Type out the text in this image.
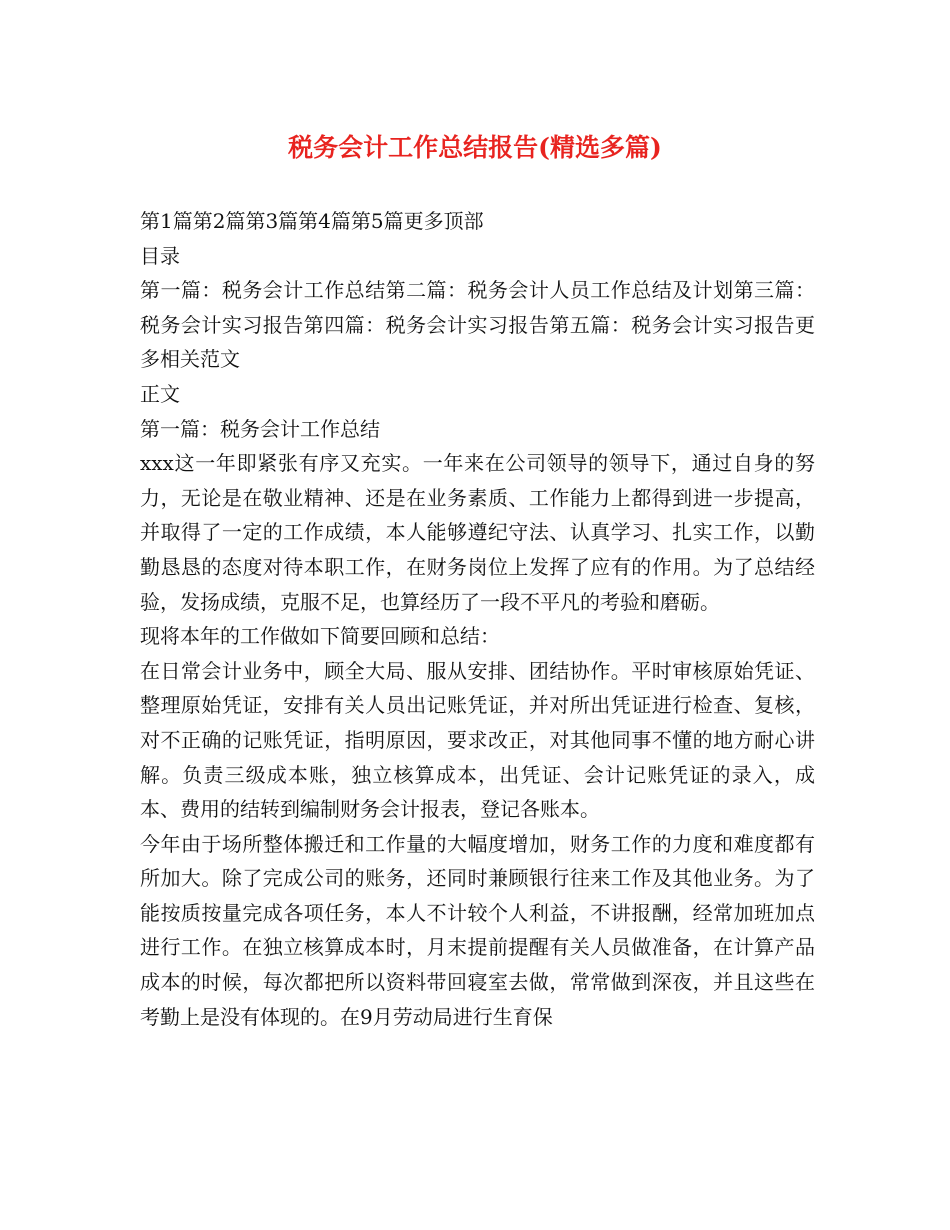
税务会计工作总结报告(精选多篇)

第1篇第2篇第3篇第4篇第5篇更多顶部

目录

第一篇：税务会计工作总结第二篇：税务会计人员工作总结及计划第三篇：税务会计实习报告第四篇：税务会计实习报告第五篇：税务会计实习报告更多相关范文

正文

第一篇：税务会计工作总结

xxx这一年即紧张有序又充实。一年来在公司领导的领导下，通过自身的努力，无论是在敬业精神、还是在业务素质、工作能力上都得到进一步提高，并取得了一定的工作成绩，本人能够遵纪守法、认真学习、扎实工作，以勤勤恳恳的态度对待本职工作，在财务岗位上发挥了应有的作用。为了总结经验，发扬成绩，克服不足，也算经历了一段不平凡的考验和磨砺。

现将本年的工作做如下简要回顾和总结：

在日常会计业务中，顾全大局、服从安排、团结协作。平时审核原始凭证、整理原始凭证，安排有关人员出记账凭证，并对所出凭证进行检查、复核，对不正确的记账凭证，指明原因，要求改正，对其他同事不懂的地方耐心讲解。负责三级成本账，独立核算成本，出凭证、会计记账凭证的录入，成本、费用的结转到编制财务会计报表，登记各账本。

今年由于场所整体搬迁和工作量的大幅度增加，财务工作的力度和难度都有所加大。除了完成公司的账务，还同时兼顾银行往来工作及其他业务。为了能按质按量完成各项任务，本人不计较个人利益，不讲报酬，经常加班加点进行工作。在独立核算成本时，月末提前提醒有关人员做准备，在计算产品成本的时候，每次都把所以资料带回寝室去做，常常做到深夜，并且这些在考勤上是没有体现的。在9月劳动局进行生育保
